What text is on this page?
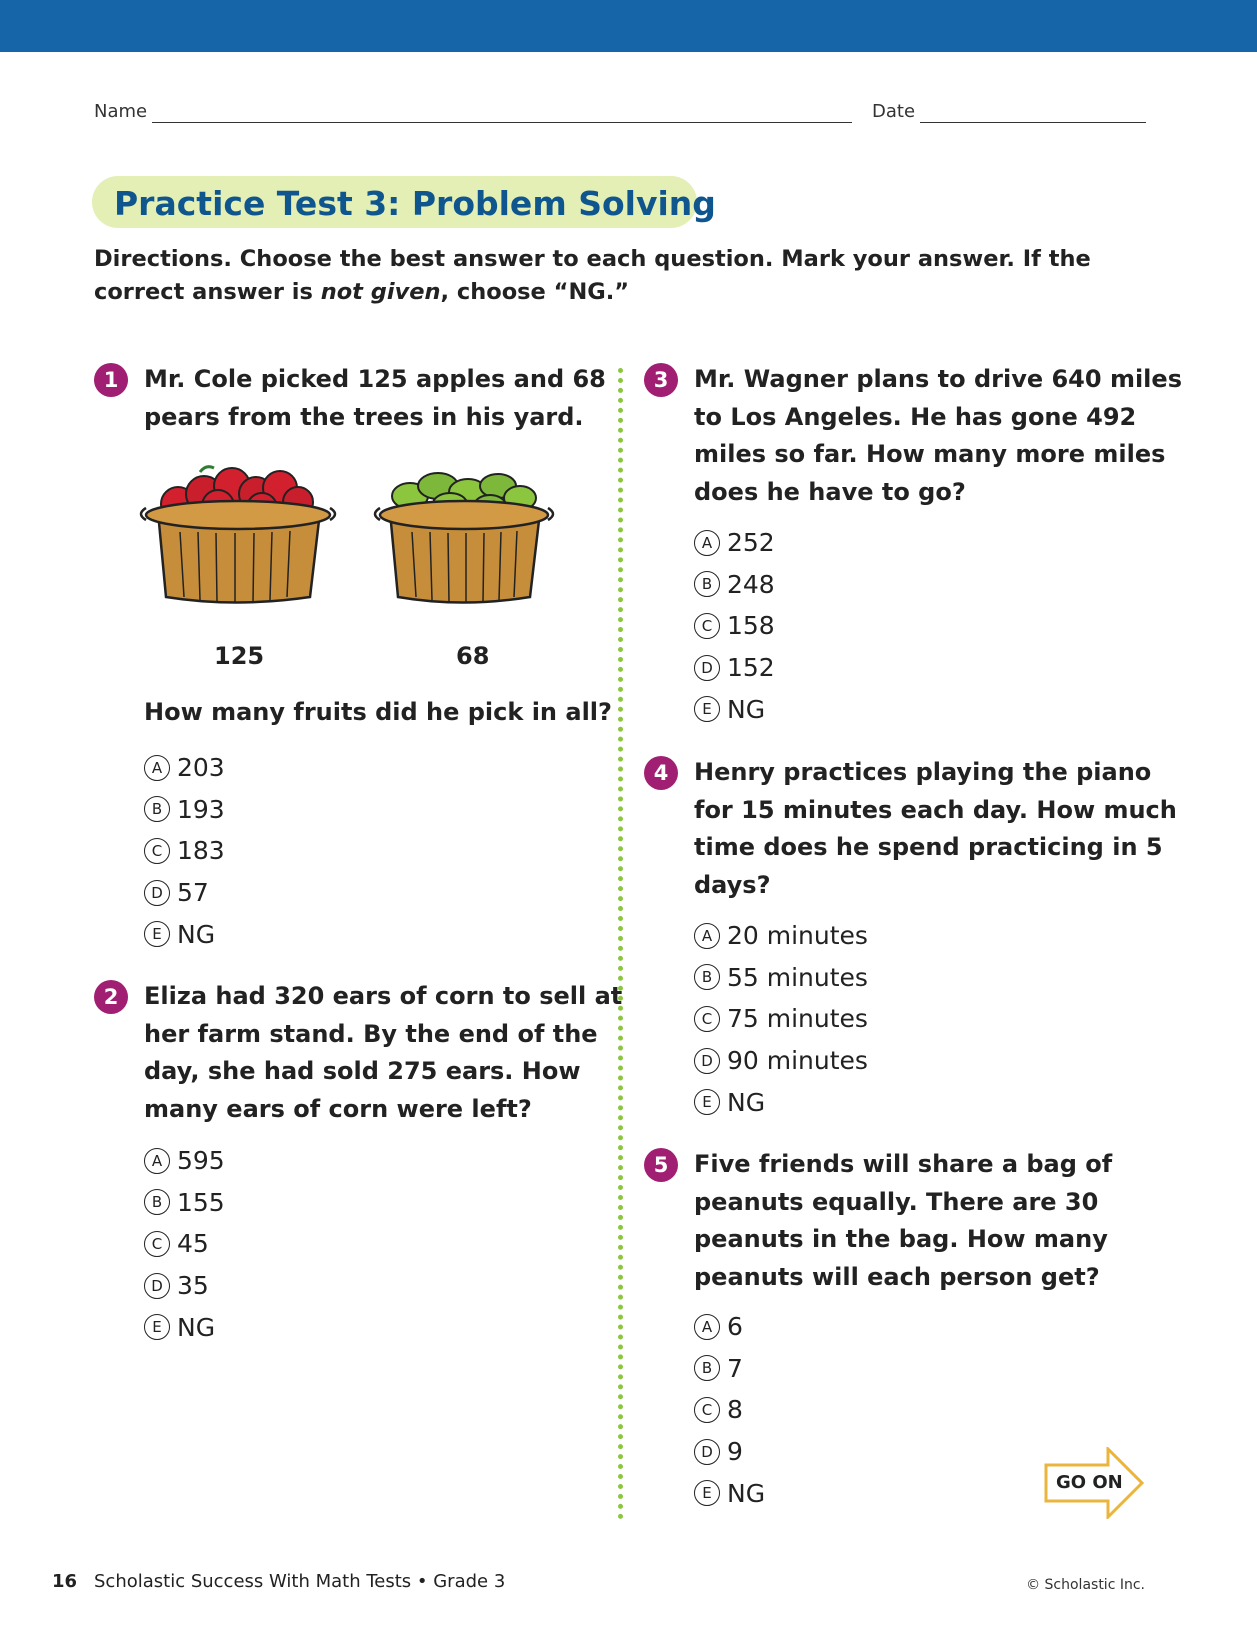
Name	Date
Practice Test 3: Problem Solving
Directions. Choose the best answer to each question. Mark your answer. If the correct answer is not given, choose “NG.”
1	Mr. Cole picked 125 apples and 68 pears from the trees in his yard.
125	68
How many fruits did he pick in all?
A 203
B 193
C 183
D 57
E NG
2	Eliza had 320 ears of corn to sell at her farm stand. By the end of the day, she had sold 275 ears. How many ears of corn were left?
A 595
B 155
C 45
D 35
E NG
3	Mr. Wagner plans to drive 640 miles to Los Angeles. He has gone 492 miles so far. How many more miles does he have to go?
A 252
B 248
C 158
D 152
E NG
4	Henry practices playing the piano for 15 minutes each day. How much time does he spend practicing in 5 days?
A 20 minutes
B 55 minutes
C 75 minutes
D 90 minutes
E NG
5	Five friends will share a bag of peanuts equally. There are 30 peanuts in the bag. How many peanuts will each person get?
A 6
B 7
C 8
D 9
E NG	GO ON
16 Scholastic Success With Math Tests • Grade 3	© Scholastic Inc.
